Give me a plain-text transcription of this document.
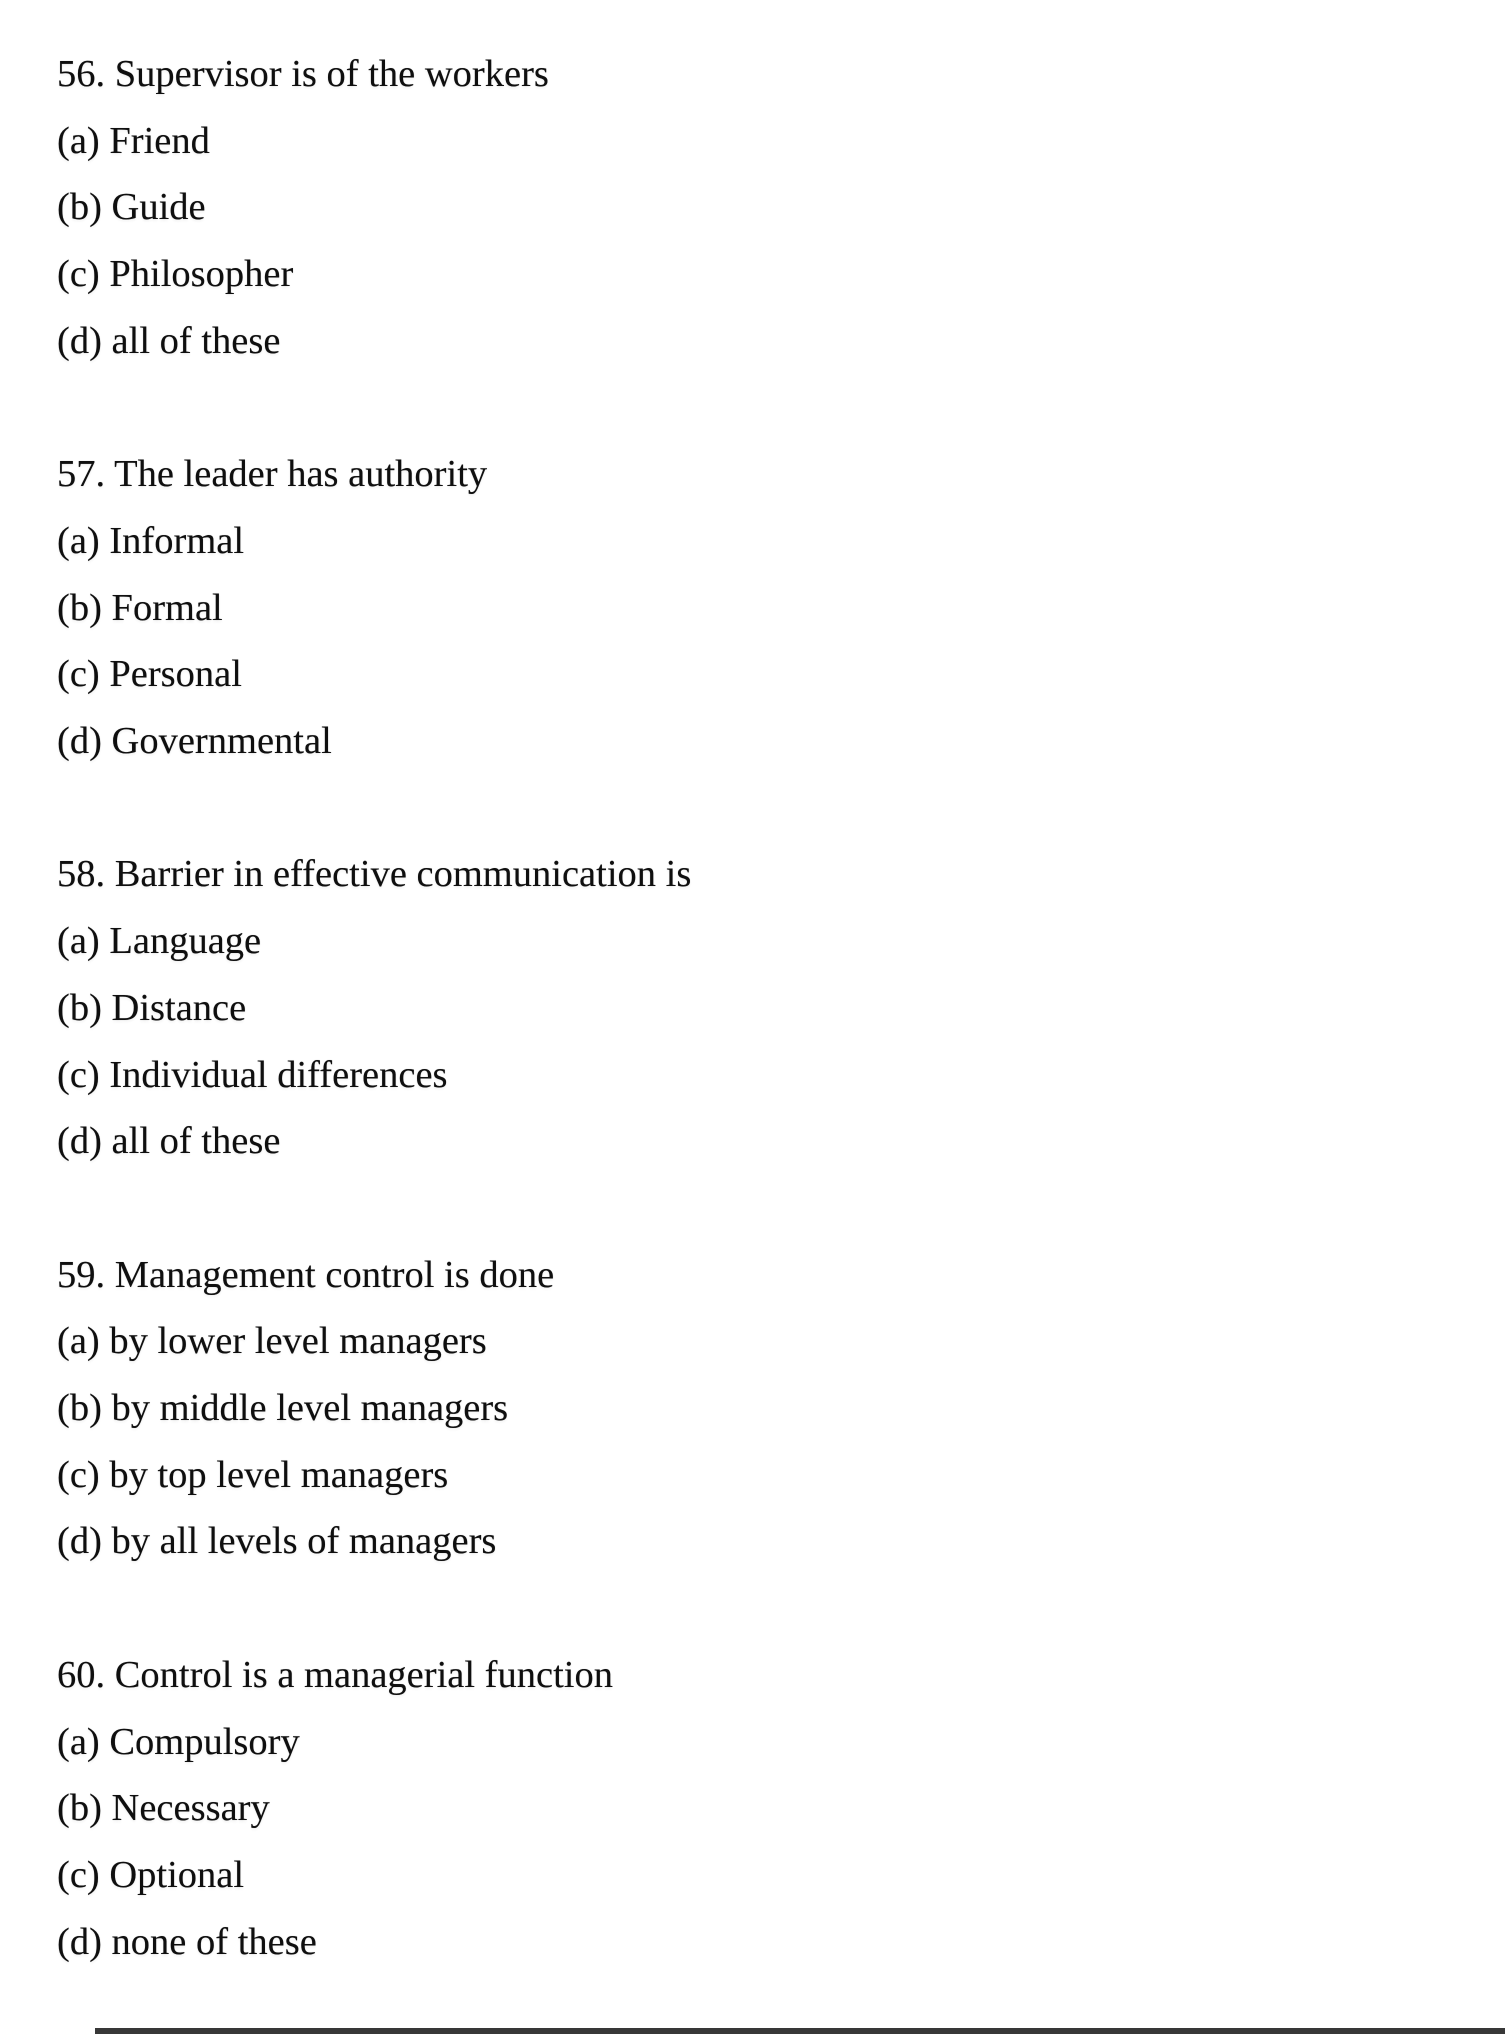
56. Supervisor is of the workers

(a) Friend

(b) Guide

(c) Philosopher

(d) all of these

57. The leader has authority

(a) Informal

(b) Formal

(c) Personal

(d) Governmental

58. Barrier in effective communication is

(a) Language

(b) Distance

(c) Individual differences

(d) all of these

59. Management control is done

(a) by lower level managers

(b) by middle level managers

(c) by top level managers

(d) by all levels of managers

60. Control is a managerial function

(a) Compulsory

(b) Necessary

(c) Optional

(d) none of these
